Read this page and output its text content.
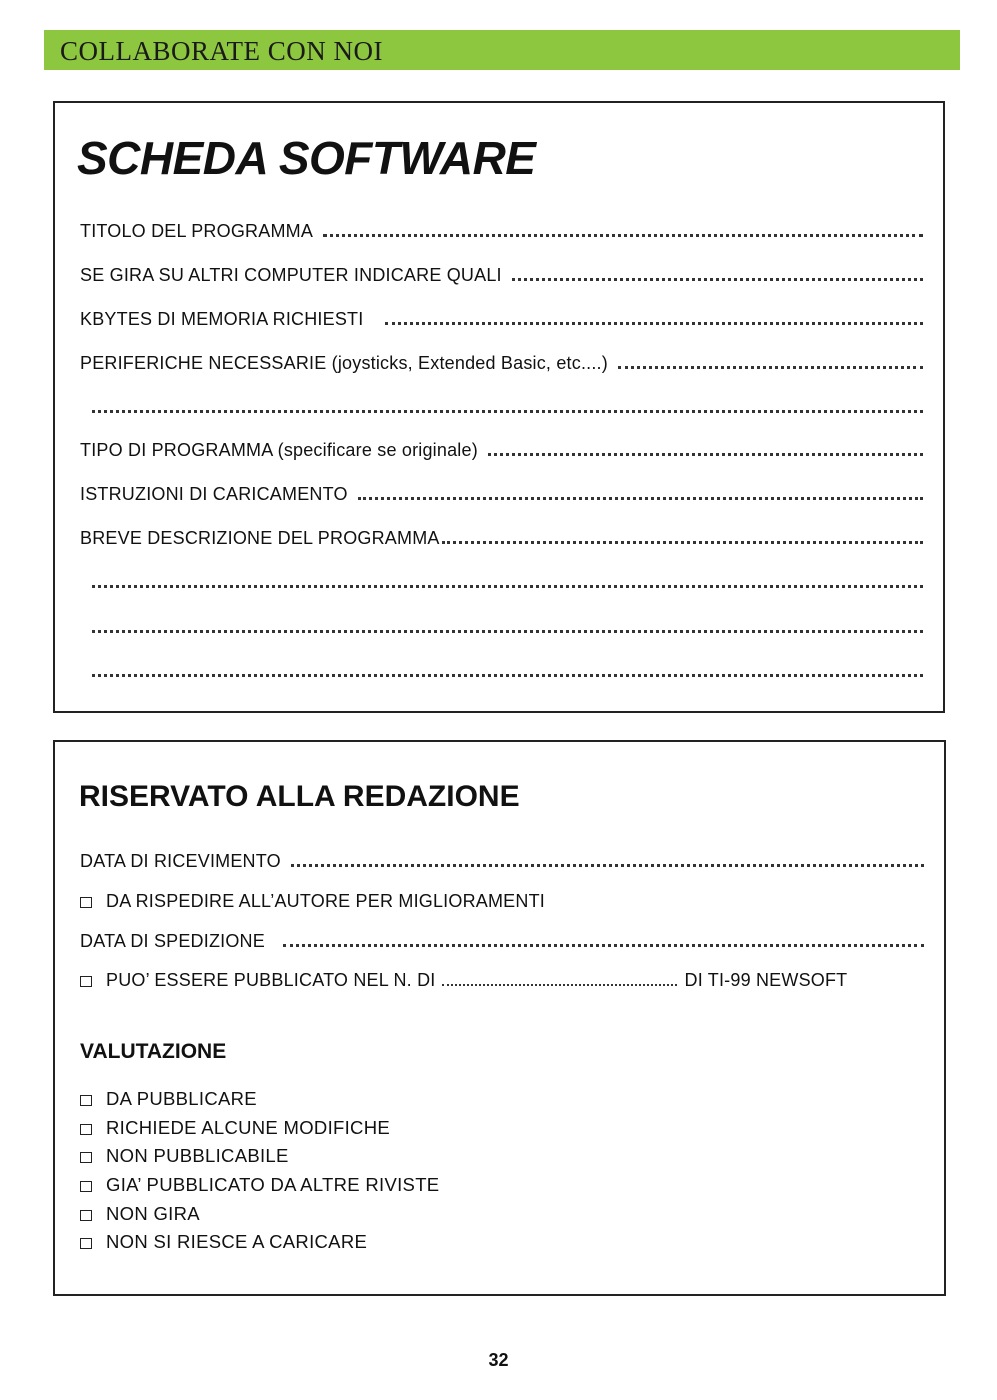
COLLABORATE CON NOI
SCHEDA SOFTWARE
TITOLO DEL PROGRAMMA
SE GIRA SU ALTRI COMPUTER INDICARE QUALI
KBYTES DI MEMORIA RICHIESTI
PERIFERICHE NECESSARIE (joysticks, Extended Basic, etc....)
TIPO DI PROGRAMMA (specificare se originale)
ISTRUZIONI DI CARICAMENTO
BREVE DESCRIZIONE DEL PROGRAMMA
RISERVATO ALLA REDAZIONE
DATA DI RICEVIMENTO
DA RISPEDIRE ALL’AUTORE PER MIGLIORAMENTI
DATA DI SPEDIZIONE
PUO’ ESSERE PUBBLICATO NEL N. DI	DI TI-99 NEWSOFT
VALUTAZIONE
DA PUBBLICARE
RICHIEDE ALCUNE MODIFICHE
NON PUBBLICABILE
GIA’ PUBBLICATO DA ALTRE RIVISTE
NON GIRA
NON SI RIESCE A CARICARE
32
